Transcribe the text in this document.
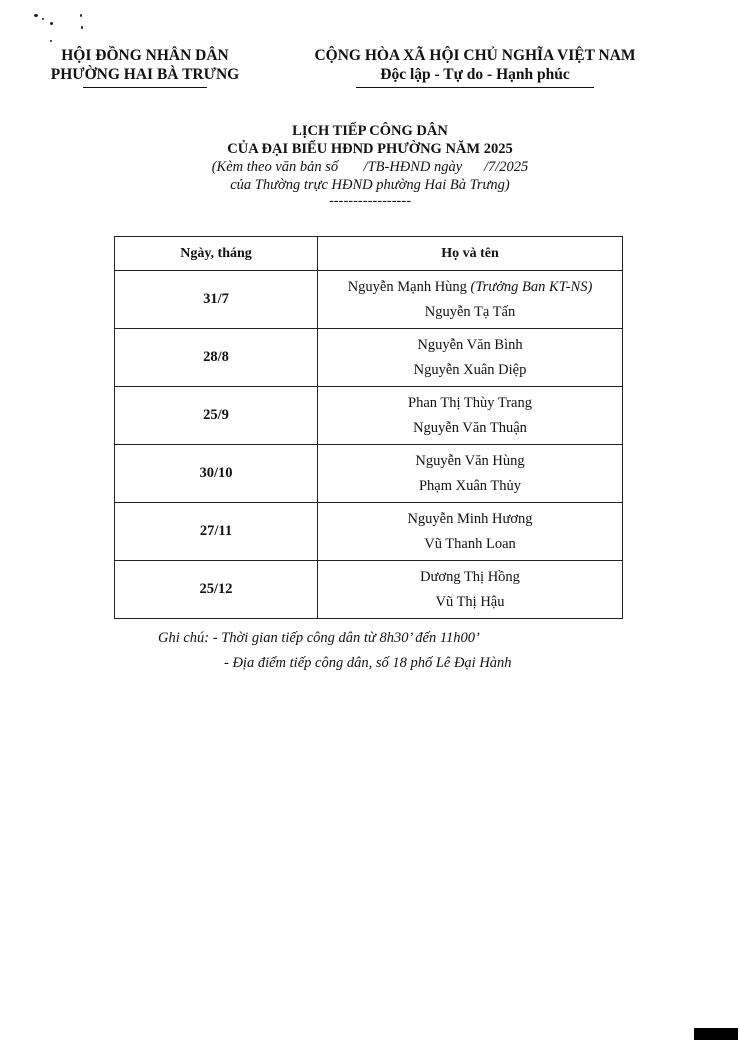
HỘI ĐỒNG NHÂN DÂN
PHƯỜNG HAI BÀ TRƯNG
CỘNG HÒA XÃ HỘI CHỦ NGHĨA VIỆT NAM
Độc lập - Tự do - Hạnh phúc
LỊCH TIẾP CÔNG DÂN
CỦA ĐẠI BIỂU HĐND PHƯỜNG NĂM 2025
(Kèm theo văn bản số       /TB-HĐND ngày      /7/2025
của Thường trực HĐND phường Hai Bà Trưng)
-----------------
Ngày, tháng	Họ và tên
31/7	Nguyễn Mạnh Hùng (Trưởng Ban KT-NS)
Nguyễn Tạ Tấn

28/8	Nguyễn Văn Bình
Nguyễn Xuân Diệp

25/9	Phan Thị Thùy Trang
Nguyễn Văn Thuận

30/10	Nguyễn Văn Hùng
Phạm Xuân Thủy

27/11	Nguyễn Minh Hương
Vũ Thanh Loan

25/12	Dương Thị Hồng
Vũ Thị Hậu
Ghi chú: - Thời gian tiếp công dân từ 8h30’ đến 11h00’
- Địa điểm tiếp công dân, số 18 phố Lê Đại Hành
